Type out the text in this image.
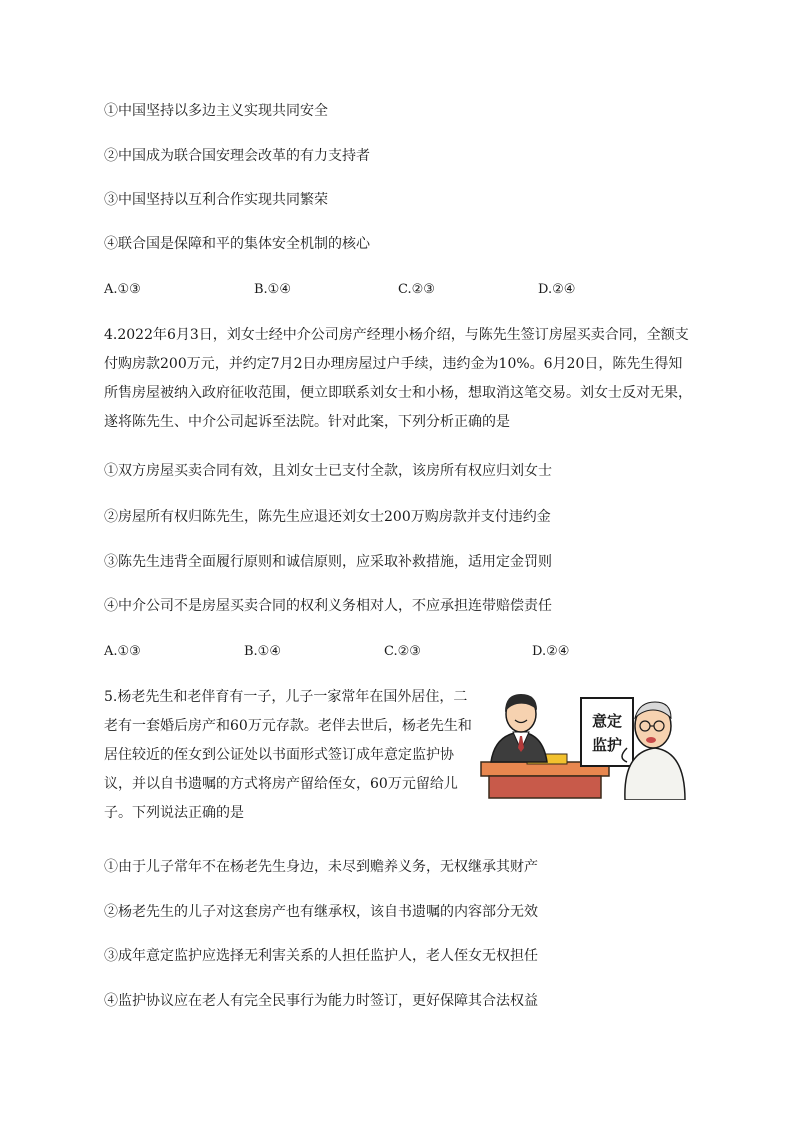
①中国坚持以多边主义实现共同安全
②中国成为联合国安理会改革的有力支持者
③中国坚持以互利合作实现共同繁荣
④联合国是保障和平的集体安全机制的核心
A.①③	B.①④	C.②③	D.②④
4.2022年6月3日，刘女士经中介公司房产经理小杨介绍，与陈先生签订房屋买卖合同，全额支付购房款200万元，并约定7月2日办理房屋过户手续，违约金为10%。6月20日，陈先生得知所售房屋被纳入政府征收范围，便立即联系刘女士和小杨，想取消这笔交易。刘女士反对无果，遂将陈先生、中介公司起诉至法院。针对此案，下列分析正确的是
①双方房屋买卖合同有效，且刘女士已支付全款，该房所有权应归刘女士
②房屋所有权归陈先生，陈先生应退还刘女士200万购房款并支付违约金
③陈先生违背全面履行原则和诚信原则，应采取补救措施，适用定金罚则
④中介公司不是房屋买卖合同的权利义务相对人，不应承担连带赔偿责任
A.①③	B.①④	C.②③	D.②④
5.杨老先生和老伴育有一子，儿子一家常年在国外居住，二老有一套婚后房产和60万元存款。老伴去世后，杨老先生和居住较近的侄女到公证处以书面形式签订成年意定监护协议，并以自书遗嘱的方式将房产留给侄女，60万元留给儿子。下列说法正确的是
意定
监护
①由于儿子常年不在杨老先生身边，未尽到赡养义务，无权继承其财产
②杨老先生的儿子对这套房产也有继承权，该自书遗嘱的内容部分无效
③成年意定监护应选择无利害关系的人担任监护人，老人侄女无权担任
④监护协议应在老人有完全民事行为能力时签订，更好保障其合法权益
